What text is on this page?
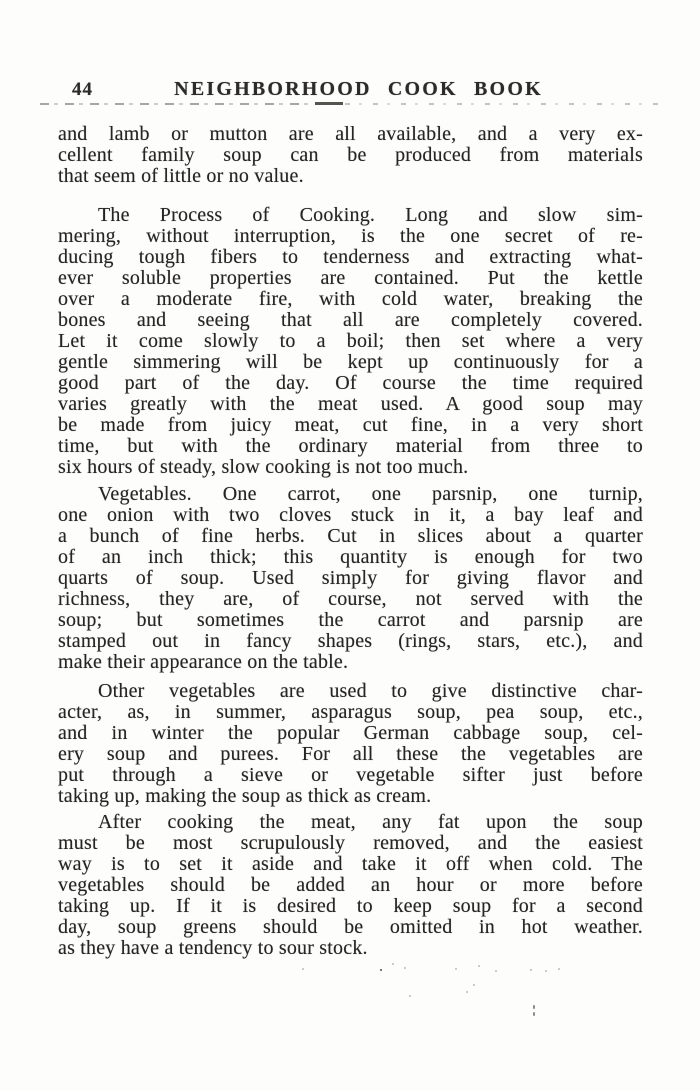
44	NEIGHBORHOOD COOK BOOK

and lamb or mutton are all available, and a very ex-
cellent family soup can be produced from materials
that seem of little or no value.

The Process of Cooking. Long and slow sim-
mering, without interruption, is the one secret of re-
ducing tough fibers to tenderness and extracting what-
ever soluble properties are contained. Put the kettle
over a moderate fire, with cold water, breaking the
bones and seeing that all are completely covered.
Let it come slowly to a boil; then set where a very
gentle simmering will be kept up continuously for a
good part of the day. Of course the time required
varies greatly with the meat used. A good soup may
be made from juicy meat, cut fine, in a very short
time, but with the ordinary material from three to
six hours of steady, slow cooking is not too much.

Vegetables. One carrot, one parsnip, one turnip,
one onion with two cloves stuck in it, a bay leaf and
a bunch of fine herbs. Cut in slices about a quarter
of an inch thick; this quantity is enough for two
quarts of soup. Used simply for giving flavor and
richness, they are, of course, not served with the
soup; but sometimes the carrot and parsnip are
stamped out in fancy shapes (rings, stars, etc.), and
make their appearance on the table.

Other vegetables are used to give distinctive char-
acter, as, in summer, asparagus soup, pea soup, etc.,
and in winter the popular German cabbage soup, cel-
ery soup and purees. For all these the vegetables are
put through a sieve or vegetable sifter just before
taking up, making the soup as thick as cream.

After cooking the meat, any fat upon the soup
must be most scrupulously removed, and the easiest
way is to set it aside and take it off when cold. The
vegetables should be added an hour or more before
taking up. If it is desired to keep soup for a second
day, soup greens should be omitted in hot weather.
as they have a tendency to sour stock.
